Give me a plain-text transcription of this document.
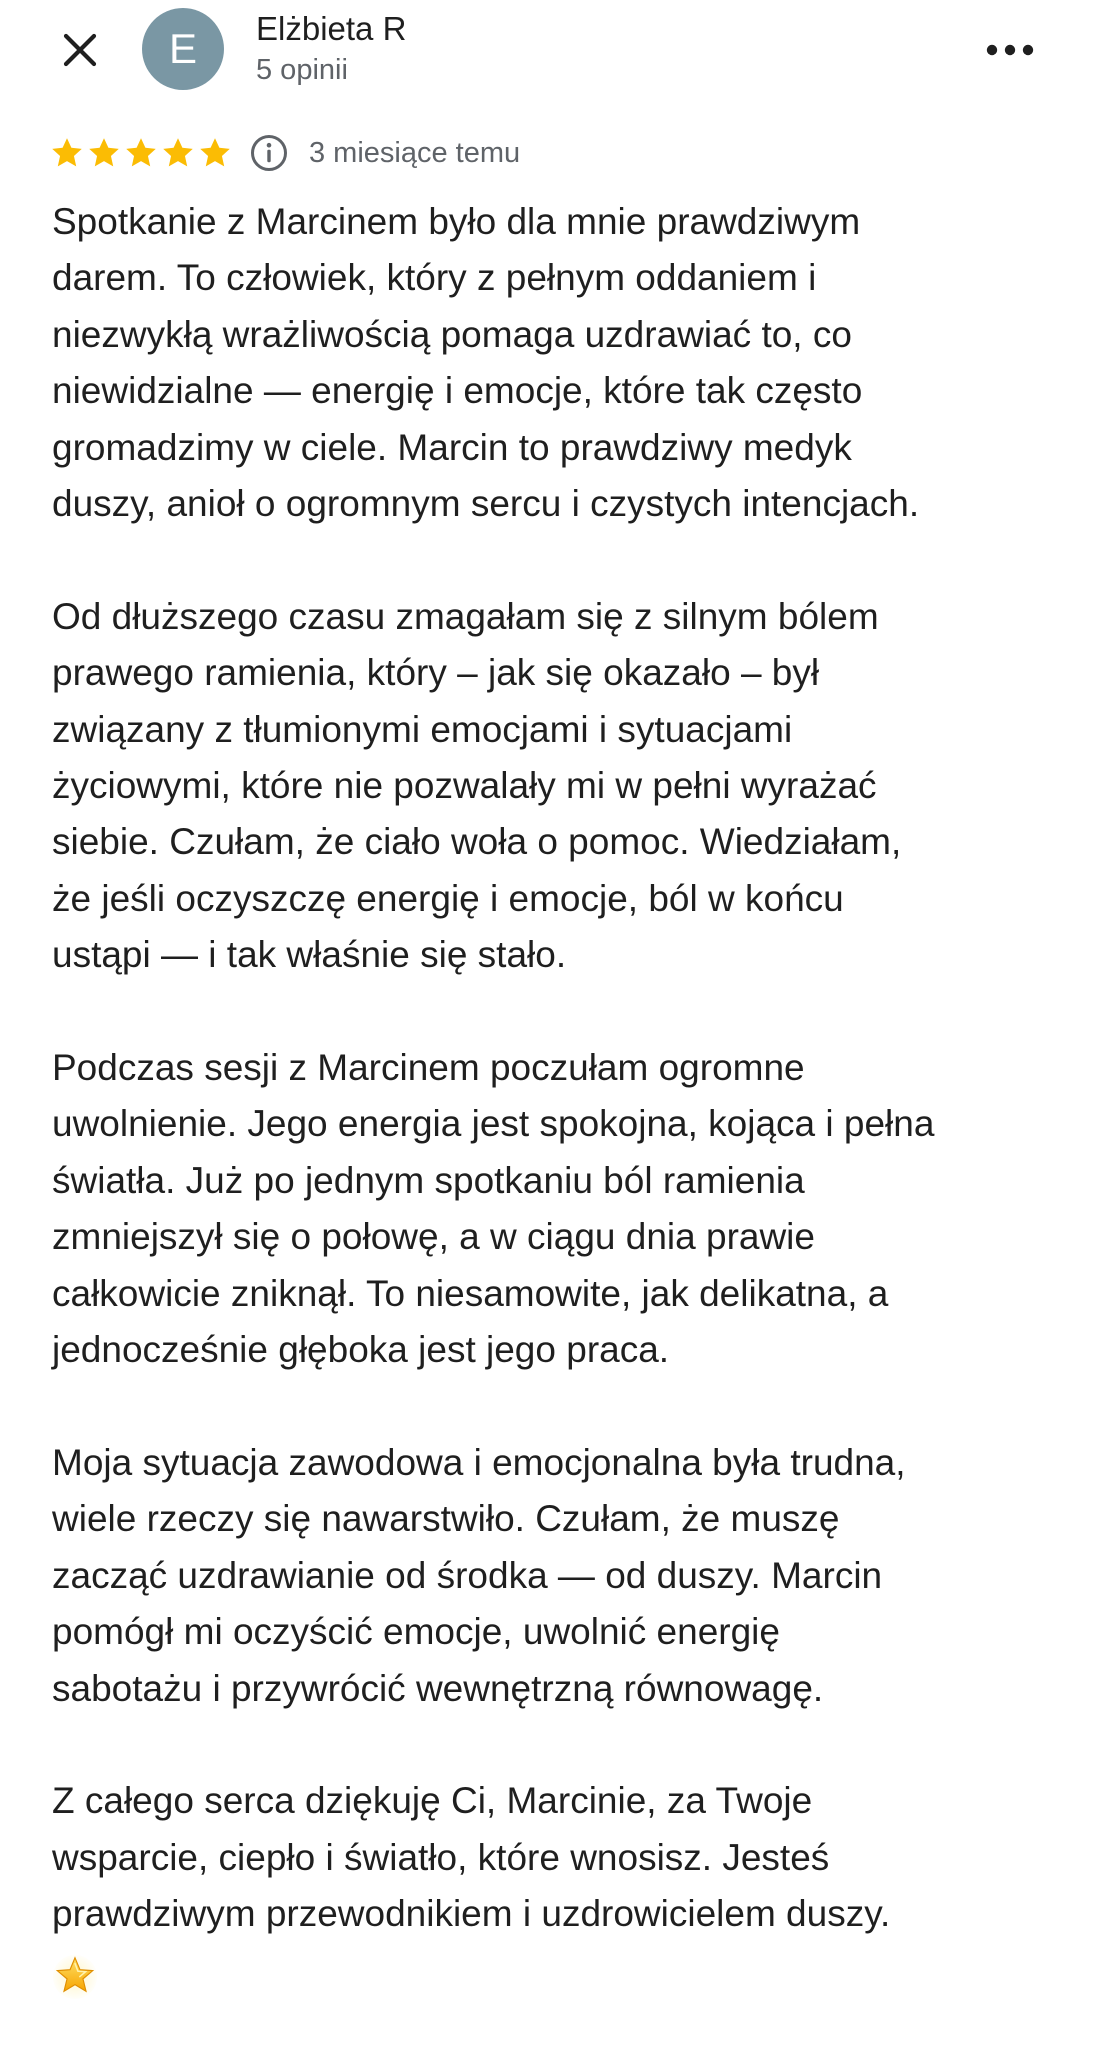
E Elżbieta R
5 opinii
3 miesiące temu

Spotkanie z Marcinem było dla mnie prawdziwym
darem. To człowiek, który z pełnym oddaniem i
niezwykłą wrażliwością pomaga uzdrawiać to, co
niewidzialne — energię i emocje, które tak często
gromadzimy w ciele. Marcin to prawdziwy medyk
duszy, anioł o ogromnym sercu i czystych intencjach.

Od dłuższego czasu zmagałam się z silnym bólem
prawego ramienia, który – jak się okazało – był
związany z tłumionymi emocjami i sytuacjami
życiowymi, które nie pozwalały mi w pełni wyrażać
siebie. Czułam, że ciało woła o pomoc. Wiedziałam,
że jeśli oczyszczę energię i emocje, ból w końcu
ustąpi — i tak właśnie się stało.

Podczas sesji z Marcinem poczułam ogromne
uwolnienie. Jego energia jest spokojna, kojąca i pełna
światła. Już po jednym spotkaniu ból ramienia
zmniejszył się o połowę, a w ciągu dnia prawie
całkowicie zniknął. To niesamowite, jak delikatna, a
jednocześnie głęboka jest jego praca.

Moja sytuacja zawodowa i emocjonalna była trudna,
wiele rzeczy się nawarstwiło. Czułam, że muszę
zacząć uzdrawianie od środka — od duszy. Marcin
pomógł mi oczyścić emocje, uwolnić energię
sabotażu i przywrócić wewnętrzną równowagę.

Z całego serca dziękuję Ci, Marcinie, za Twoje
wsparcie, ciepło i światło, które wnosisz. Jesteś
prawdziwym przewodnikiem i uzdrowicielem duszy.
